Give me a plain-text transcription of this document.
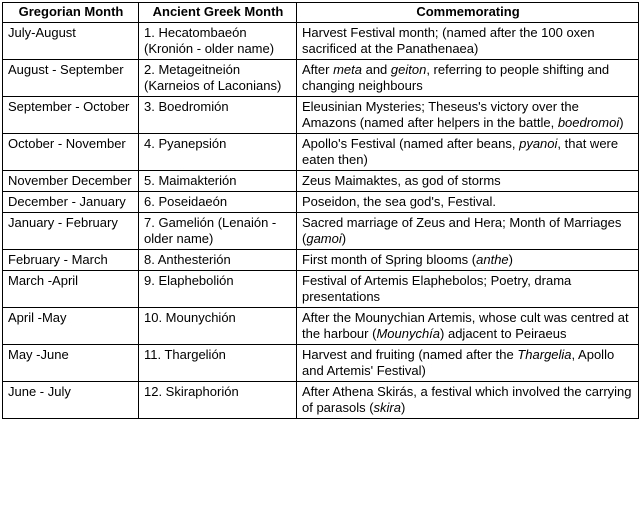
Gregorian Month	Ancient Greek Month	Commemorating
July-August	1. Hecatombaeón (Kronión - older name)	Harvest Festival month; (named after the 100 oxen sacrificed at the Panathenaea)
August - September	2. Metageitneión (Karneios of Laconians)	After meta and geiton, referring to people shifting and changing neighbours
September - October	3. Boedromión	Eleusinian Mysteries; Theseus's victory over the Amazons (named after helpers in the battle, boedromoi)
October - November	4. Pyanepsión	Apollo's Festival (named after beans, pyanoi, that were eaten then)
November December	5. Maimakterión	Zeus Maimaktes, as god of storms
December - January	6. Poseidaeón	Poseidon, the sea god's, Festival.
January - February	7. Gamelión (Lenaión - older name)	Sacred marriage of Zeus and Hera; Month of Marriages (gamoi)
February - March	8. Anthesterión	First month of Spring blooms (anthe)
March -April	9. Elaphebolión	Festival of Artemis Elaphebolos; Poetry, drama presentations
April -May	10. Mounychión	After the Mounychian Artemis, whose cult was centred at the harbour (Mounychía) adjacent to Peiraeus
May -June	11. Thargelión	Harvest and fruiting (named after the Thargelia, Apollo and Artemis' Festival)
June - July	12. Skiraphorión	After Athena Skirás, a festival which involved the carrying of parasols (skira)
